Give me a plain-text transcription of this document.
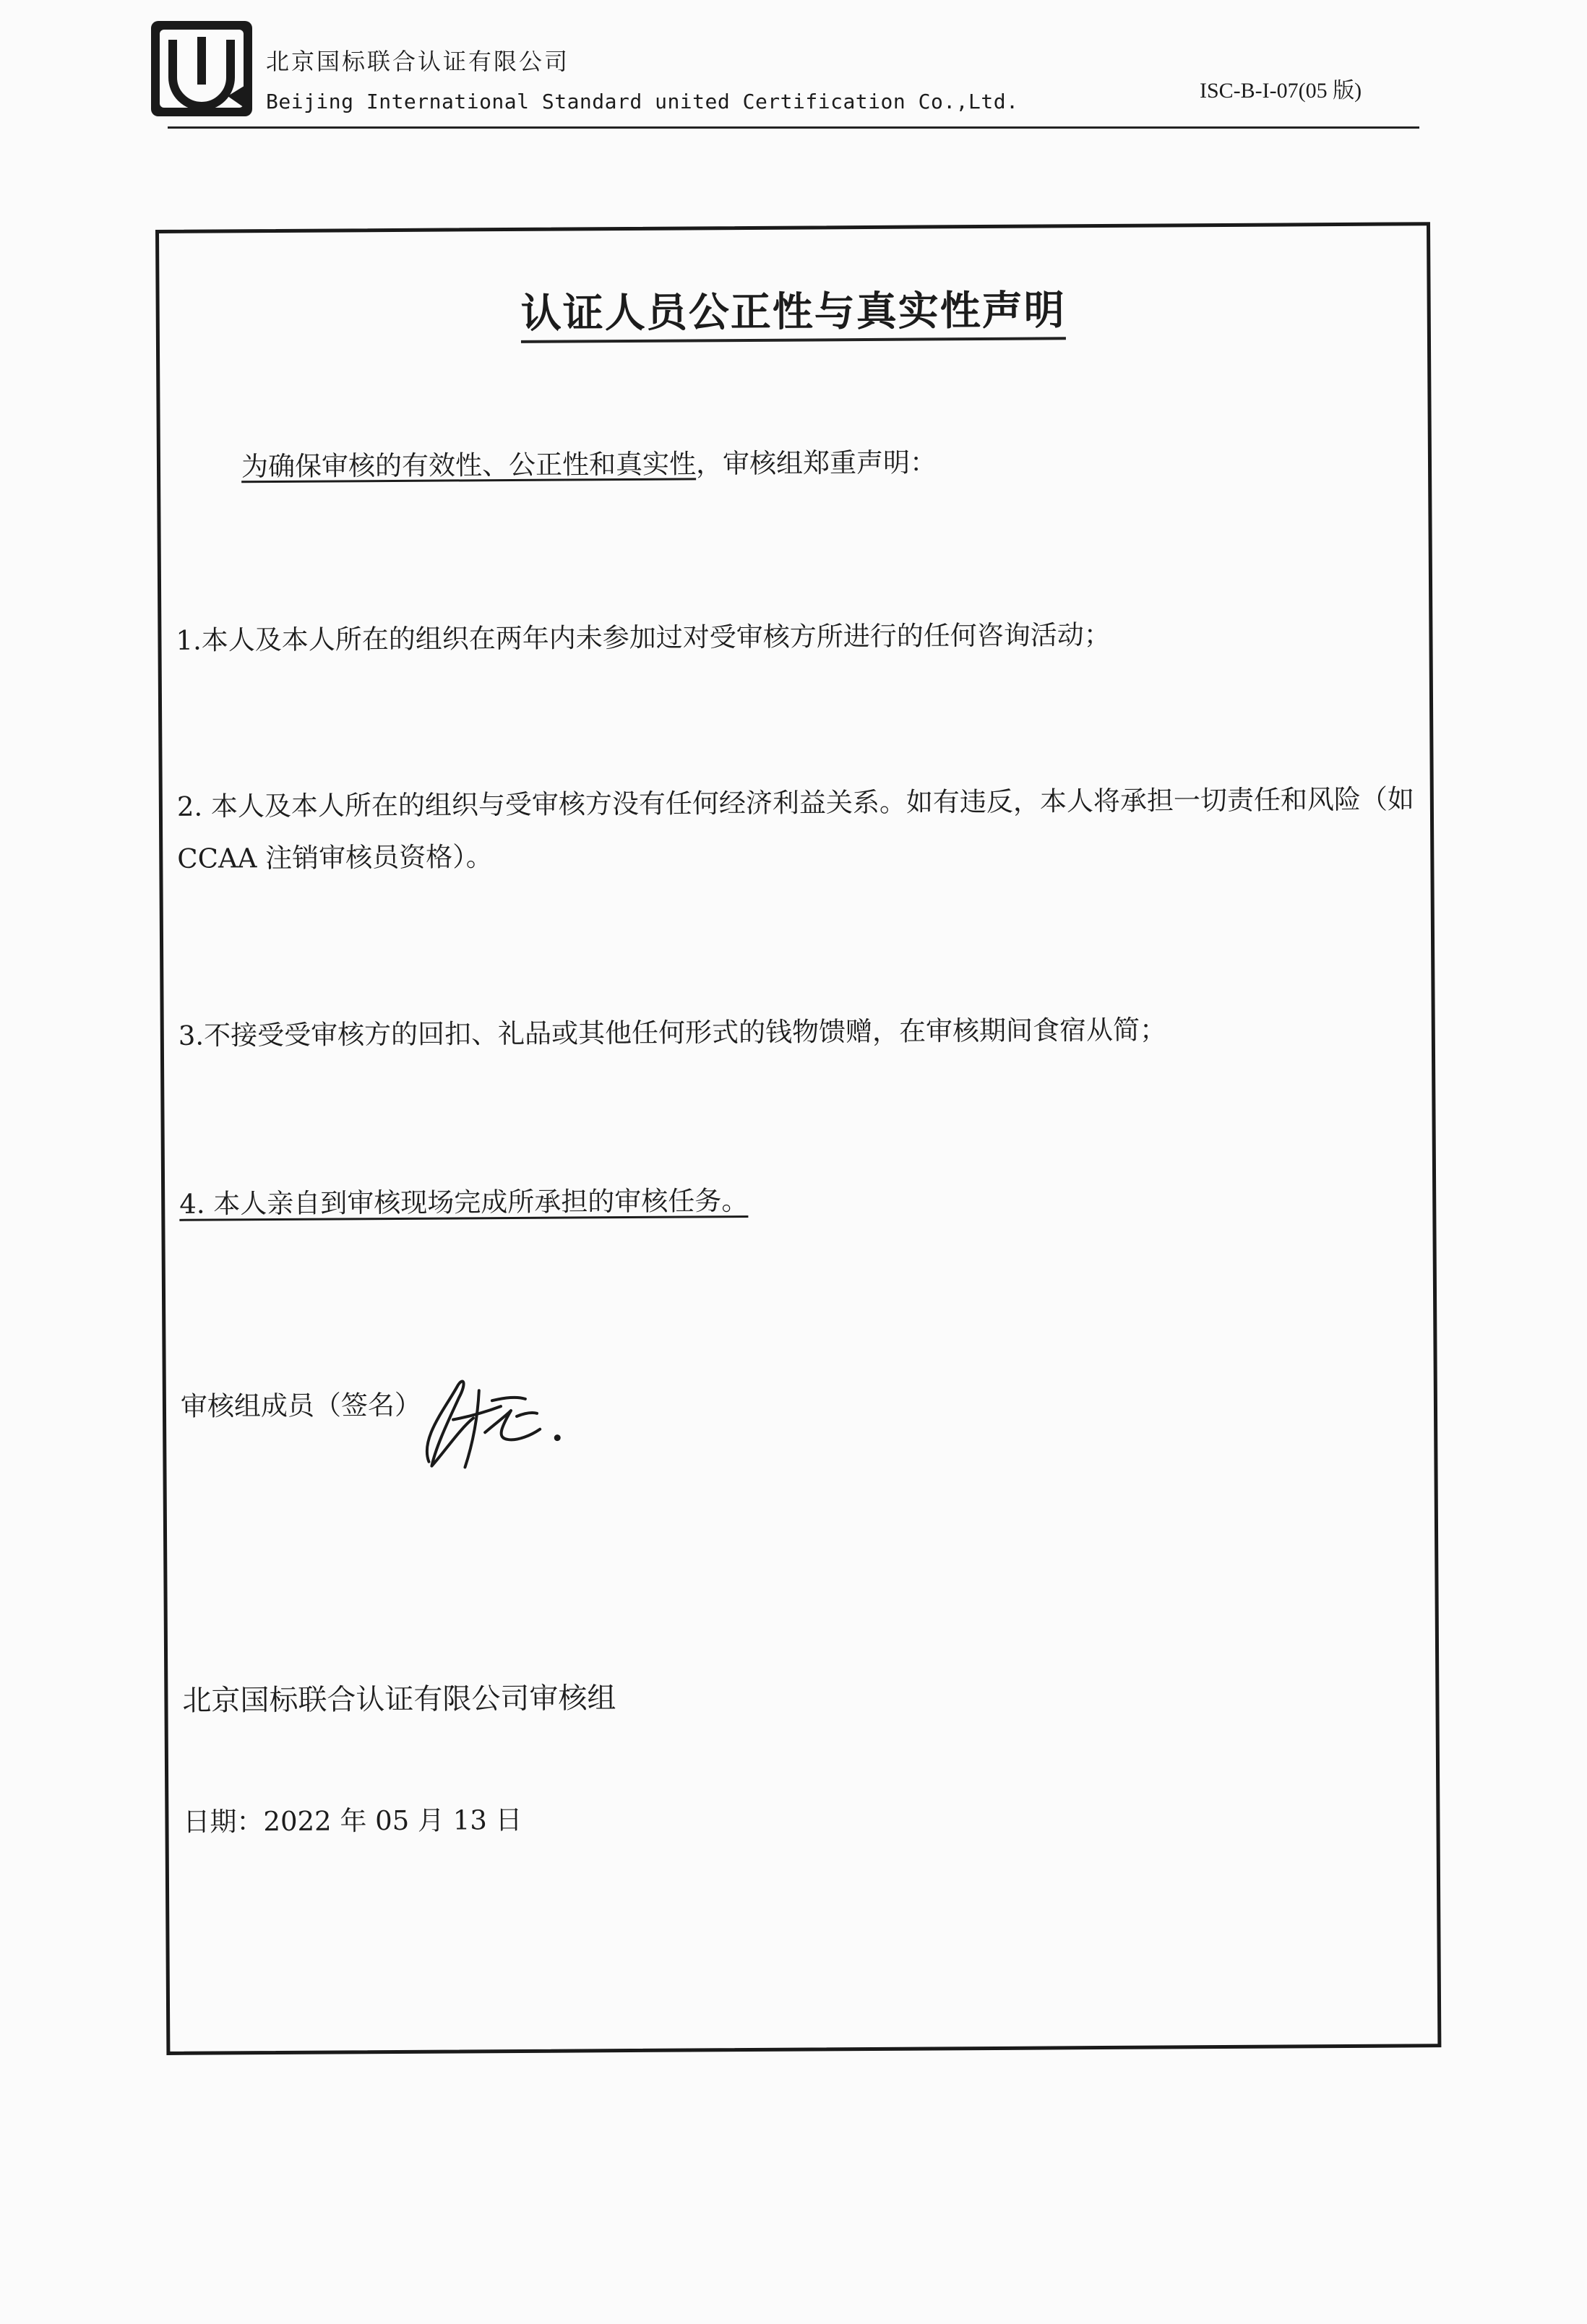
北京国标联合认证有限公司
Beijing International Standard united Certification Co.,Ltd.	ISC-B-I-07(05 版)
认证人员公正性与真实性声明
为确保审核的有效性、公正性和真实性，审核组郑重声明：
1.本人及本人所在的组织在两年内未参加过对受审核方所进行的任何咨询活动；
2. 本人及本人所在的组织与受审核方没有任何经济利益关系。如有违反，本人将承担一切责任和风险（如 CCAA 注销审核员资格）。
3.不接受受审核方的回扣、礼品或其他任何形式的钱物馈赠，在审核期间食宿从简；
4. 本人亲自到审核现场完成所承担的审核任务。
审核组成员（签名）
北京国标联合认证有限公司审核组
日期：2022 年 05 月 13 日
